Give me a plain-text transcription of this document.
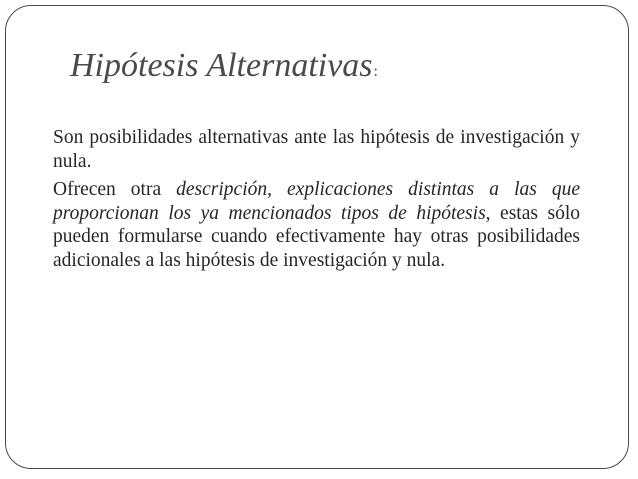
Hipótesis Alternativas:

Son posibilidades alternativas ante las hipótesis de investigación y nula.

Ofrecen otra descripción, explicaciones distintas a las que proporcionan los ya mencionados tipos de hipótesis, estas sólo pueden formularse cuando efectivamente hay otras posibilidades adicionales a las hipótesis de investigación y nula.
